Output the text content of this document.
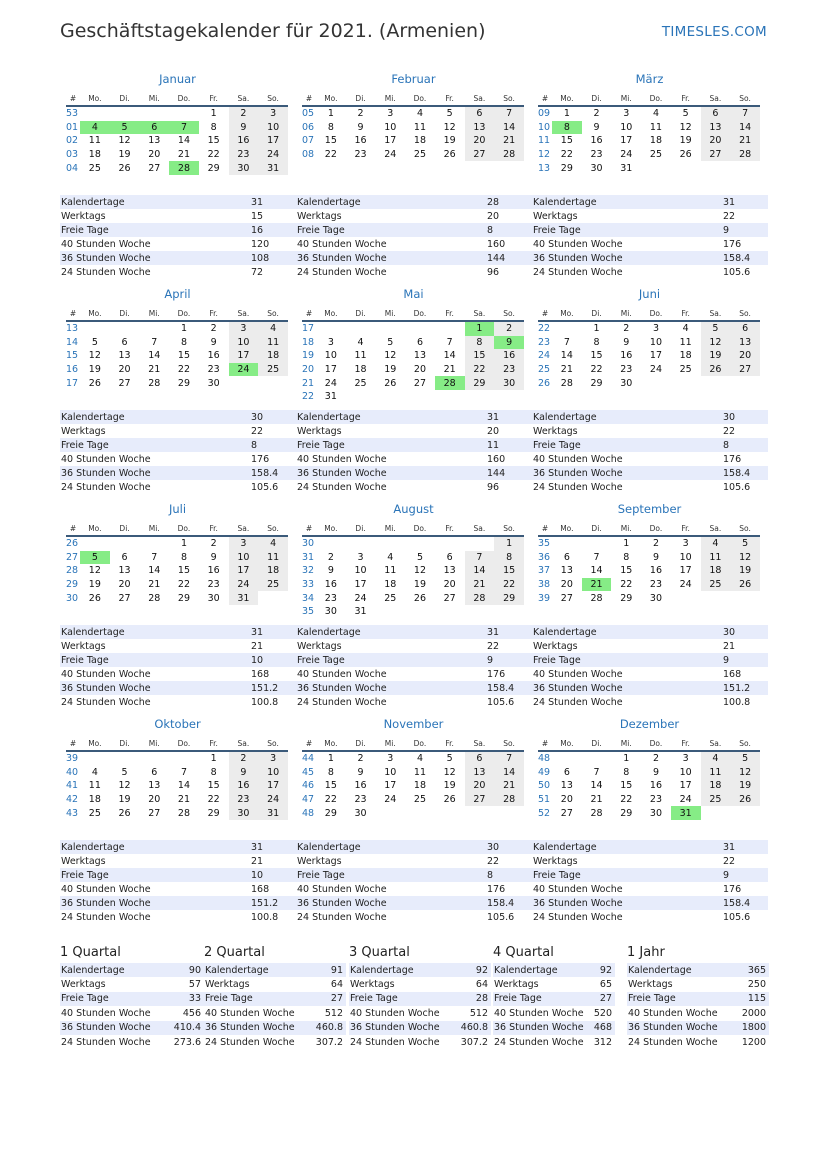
Geschäftstagekalender für 2021. (Armenien)	TIMESLES.COM
Januar
#	Mo.	Di.	Mi.	Do.	Fr.	Sa.	So.
53					1	2	3
01	4	5	6	7	8	9	10
02	11	12	13	14	15	16	17
03	18	19	20	21	22	23	24
04	25	26	27	28	29	30	31
Kalendertage	31
Werktags	15
Freie Tage	16
40 Stunden Woche	120
36 Stunden Woche	108
24 Stunden Woche	72
Februar
#	Mo.	Di.	Mi.	Do.	Fr.	Sa.	So.
05	1	2	3	4	5	6	7
06	8	9	10	11	12	13	14
07	15	16	17	18	19	20	21
08	22	23	24	25	26	27	28
Kalendertage	28
Werktags	20
Freie Tage	8
40 Stunden Woche	160
36 Stunden Woche	144
24 Stunden Woche	96
März
#	Mo.	Di.	Mi.	Do.	Fr.	Sa.	So.
09	1	2	3	4	5	6	7
10	8	9	10	11	12	13	14
11	15	16	17	18	19	20	21
12	22	23	24	25	26	27	28
13	29	30	31				
Kalendertage	31
Werktags	22
Freie Tage	9
40 Stunden Woche	176
36 Stunden Woche	158.4
24 Stunden Woche	105.6
April
#	Mo.	Di.	Mi.	Do.	Fr.	Sa.	So.
13				1	2	3	4
14	5	6	7	8	9	10	11
15	12	13	14	15	16	17	18
16	19	20	21	22	23	24	25
17	26	27	28	29	30		
Kalendertage	30
Werktags	22
Freie Tage	8
40 Stunden Woche	176
36 Stunden Woche	158.4
24 Stunden Woche	105.6
Mai
#	Mo.	Di.	Mi.	Do.	Fr.	Sa.	So.
17						1	2
18	3	4	5	6	7	8	9
19	10	11	12	13	14	15	16
20	17	18	19	20	21	22	23
21	24	25	26	27	28	29	30
22	31						
Kalendertage	31
Werktags	20
Freie Tage	11
40 Stunden Woche	160
36 Stunden Woche	144
24 Stunden Woche	96
Juni
#	Mo.	Di.	Mi.	Do.	Fr.	Sa.	So.
22		1	2	3	4	5	6
23	7	8	9	10	11	12	13
24	14	15	16	17	18	19	20
25	21	22	23	24	25	26	27
26	28	29	30				
Kalendertage	30
Werktags	22
Freie Tage	8
40 Stunden Woche	176
36 Stunden Woche	158.4
24 Stunden Woche	105.6
Juli
#	Mo.	Di.	Mi.	Do.	Fr.	Sa.	So.
26				1	2	3	4
27	5	6	7	8	9	10	11
28	12	13	14	15	16	17	18
29	19	20	21	22	23	24	25
30	26	27	28	29	30	31	
Kalendertage	31
Werktags	21
Freie Tage	10
40 Stunden Woche	168
36 Stunden Woche	151.2
24 Stunden Woche	100.8
August
#	Mo.	Di.	Mi.	Do.	Fr.	Sa.	So.
30							1
31	2	3	4	5	6	7	8
32	9	10	11	12	13	14	15
33	16	17	18	19	20	21	22
34	23	24	25	26	27	28	29
35	30	31					
Kalendertage	31
Werktags	22
Freie Tage	9
40 Stunden Woche	176
36 Stunden Woche	158.4
24 Stunden Woche	105.6
September
#	Mo.	Di.	Mi.	Do.	Fr.	Sa.	So.
35			1	2	3	4	5
36	6	7	8	9	10	11	12
37	13	14	15	16	17	18	19
38	20	21	22	23	24	25	26
39	27	28	29	30			
Kalendertage	30
Werktags	21
Freie Tage	9
40 Stunden Woche	168
36 Stunden Woche	151.2
24 Stunden Woche	100.8
Oktober
#	Mo.	Di.	Mi.	Do.	Fr.	Sa.	So.
39					1	2	3
40	4	5	6	7	8	9	10
41	11	12	13	14	15	16	17
42	18	19	20	21	22	23	24
43	25	26	27	28	29	30	31
Kalendertage	31
Werktags	21
Freie Tage	10
40 Stunden Woche	168
36 Stunden Woche	151.2
24 Stunden Woche	100.8
November
#	Mo.	Di.	Mi.	Do.	Fr.	Sa.	So.
44	1	2	3	4	5	6	7
45	8	9	10	11	12	13	14
46	15	16	17	18	19	20	21
47	22	23	24	25	26	27	28
48	29	30					
Kalendertage	30
Werktags	22
Freie Tage	8
40 Stunden Woche	176
36 Stunden Woche	158.4
24 Stunden Woche	105.6
Dezember
#	Mo.	Di.	Mi.	Do.	Fr.	Sa.	So.
48			1	2	3	4	5
49	6	7	8	9	10	11	12
50	13	14	15	16	17	18	19
51	20	21	22	23	24	25	26
52	27	28	29	30	31		
Kalendertage	31
Werktags	22
Freie Tage	9
40 Stunden Woche	176
36 Stunden Woche	158.4
24 Stunden Woche	105.6
1 Quartal
Kalendertage	90
Werktags	57
Freie Tage	33
40 Stunden Woche	456
36 Stunden Woche	410.4
24 Stunden Woche	273.6
2 Quartal
Kalendertage	91
Werktags	64
Freie Tage	27
40 Stunden Woche	512
36 Stunden Woche	460.8
24 Stunden Woche	307.2
3 Quartal
Kalendertage	92
Werktags	64
Freie Tage	28
40 Stunden Woche	512
36 Stunden Woche	460.8
24 Stunden Woche	307.2
4 Quartal
Kalendertage	92
Werktags	65
Freie Tage	27
40 Stunden Woche	520
36 Stunden Woche	468
24 Stunden Woche	312
1 Jahr
Kalendertage	365
Werktags	250
Freie Tage	115
40 Stunden Woche	2000
36 Stunden Woche	1800
24 Stunden Woche	1200
